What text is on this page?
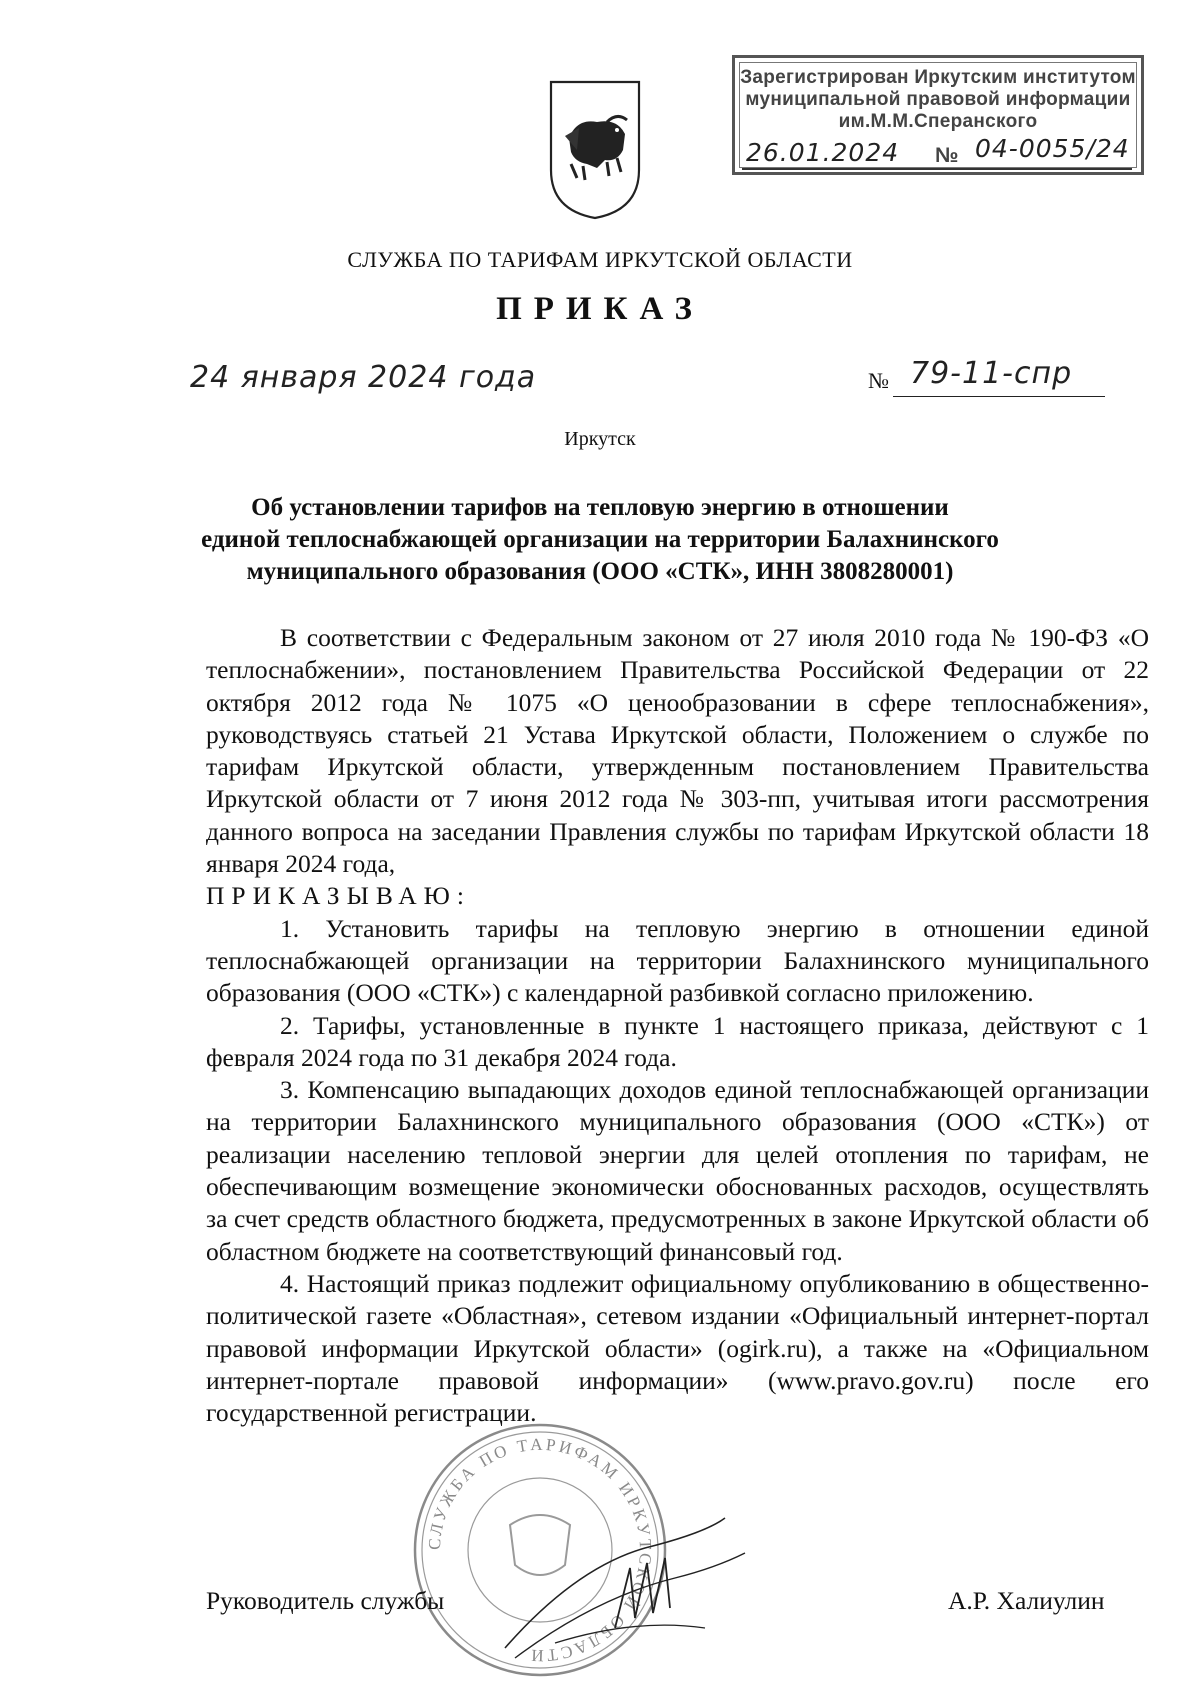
Зарегистрирован Иркутским институтом
муниципальной правовой информации
им.М.М.Сперанского
26.01.2024 № 04-0055/24
СЛУЖБА ПО ТАРИФАМ ИРКУТСКОЙ ОБЛАСТИ
ПРИКАЗ
24 января 2024 года	№ 79-11-спр
Иркутск
Об установлении тарифов на тепловую энергию в отношении
единой теплоснабжающей организации на территории Балахнинского
муниципального образования (ООО «СТК», ИНН 3808280001)

В соответствии с Федеральным законом от 27 июля 2010 года № 190-ФЗ «О теплоснабжении», постановлением Правительства Российской Федерации от 22 октября 2012 года № 1075 «О ценообразовании в сфере теплоснабжения», руководствуясь статьей 21 Устава Иркутской области, Положением о службе по тарифам Иркутской области, утвержденным постановлением Правительства Иркутской области от 7 июня 2012 года № 303-пп, учитывая итоги рассмотрения данного вопроса на заседании Правления службы по тарифам Иркутской области 18 января 2024 года,

ПРИКАЗЫВАЮ:

1. Установить тарифы на тепловую энергию в отношении единой теплоснабжающей организации на территории Балахнинского муниципального образования (ООО «СТК») с календарной разбивкой согласно приложению.

2. Тарифы, установленные в пункте 1 настоящего приказа, действуют с 1 февраля 2024 года по 31 декабря 2024 года.

3. Компенсацию выпадающих доходов единой теплоснабжающей организации на территории Балахнинского муниципального образования (ООО «СТК») от реализации населению тепловой энергии для целей отопления по тарифам, не обеспечивающим возмещение экономически обоснованных расходов, осуществлять за счет средств областного бюджета, предусмотренных в законе Иркутской области об областном бюджете на соответствующий финансовый год.

4. Настоящий приказ подлежит официальному опубликованию в общественно-политической газете «Областная», сетевом издании «Официальный интернет-портал правовой информации Иркутской области» (ogirk.ru), а также на «Официальном интернет-портале правовой информации» (www.pravo.gov.ru) после его государственной регистрации.

СЛУЖБА ПО ТАРИФАМ ИРКУТСКОЙ ОБЛАСТИ
Руководитель службы	А.Р. Халиулин
